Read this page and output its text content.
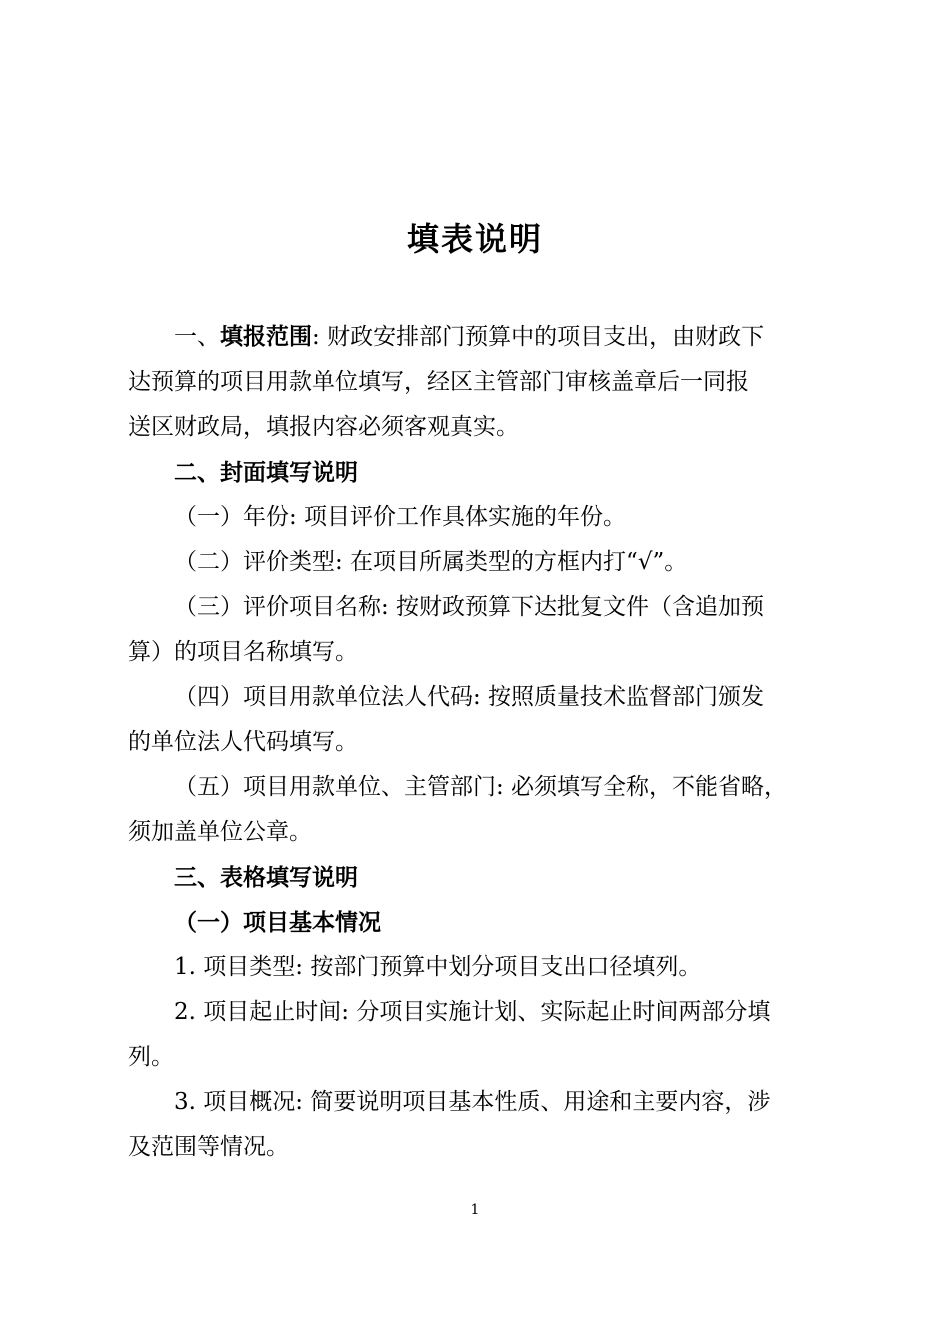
填表说明
一、填报范围: 财政安排部门预算中的项目支出，由财政下
达预算的项目用款单位填写，经区主管部门审核盖章后一同报
送区财政局，填报内容必须客观真实。
二、封面填写说明
（一）年份: 项目评价工作具体实施的年份。
（二）评价类型: 在项目所属类型的方框内打“√”。
（三）评价项目名称: 按财政预算下达批复文件（含追加预
算）的项目名称填写。
（四）项目用款单位法人代码: 按照质量技术监督部门颁发
的单位法人代码填写。
（五）项目用款单位、主管部门: 必须填写全称，不能省略，
须加盖单位公章。
三、表格填写说明
（一）项目基本情况
1. 项目类型: 按部门预算中划分项目支出口径填列。
2. 项目起止时间: 分项目实施计划、实际起止时间两部分填
列。
3. 项目概况: 简要说明项目基本性质、用途和主要内容，涉
及范围等情况。
1
